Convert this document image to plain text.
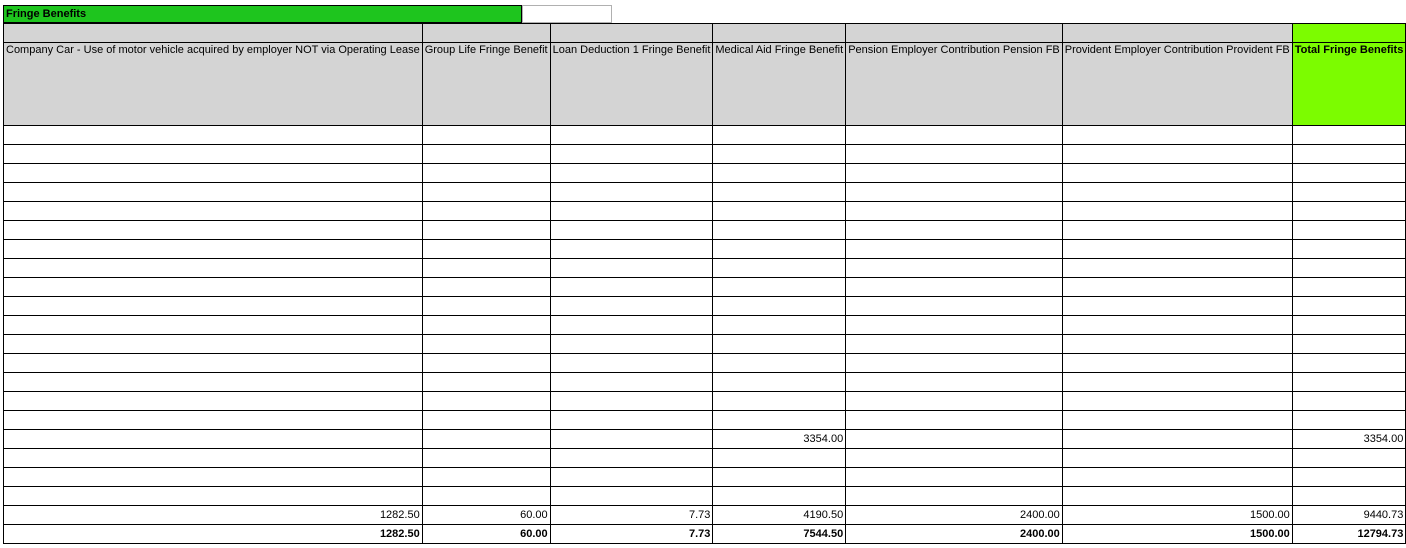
Fringe Benefits

Company Car - Use of motor vehicle acquired by employer NOT via Operating Lease	Group Life Fringe Benefit	Loan Deduction 1 Fringe Benefit	Medical Aid Fringe Benefit	Pension Employer Contribution Pension FB	Provident Employer Contribution Provident FB	Total Fringe Benefits

			3354.00			3354.00

1282.50	60.00	7.73	4190.50	2400.00	1500.00	9440.73
1282.50	60.00	7.73	7544.50	2400.00	1500.00	12794.73
